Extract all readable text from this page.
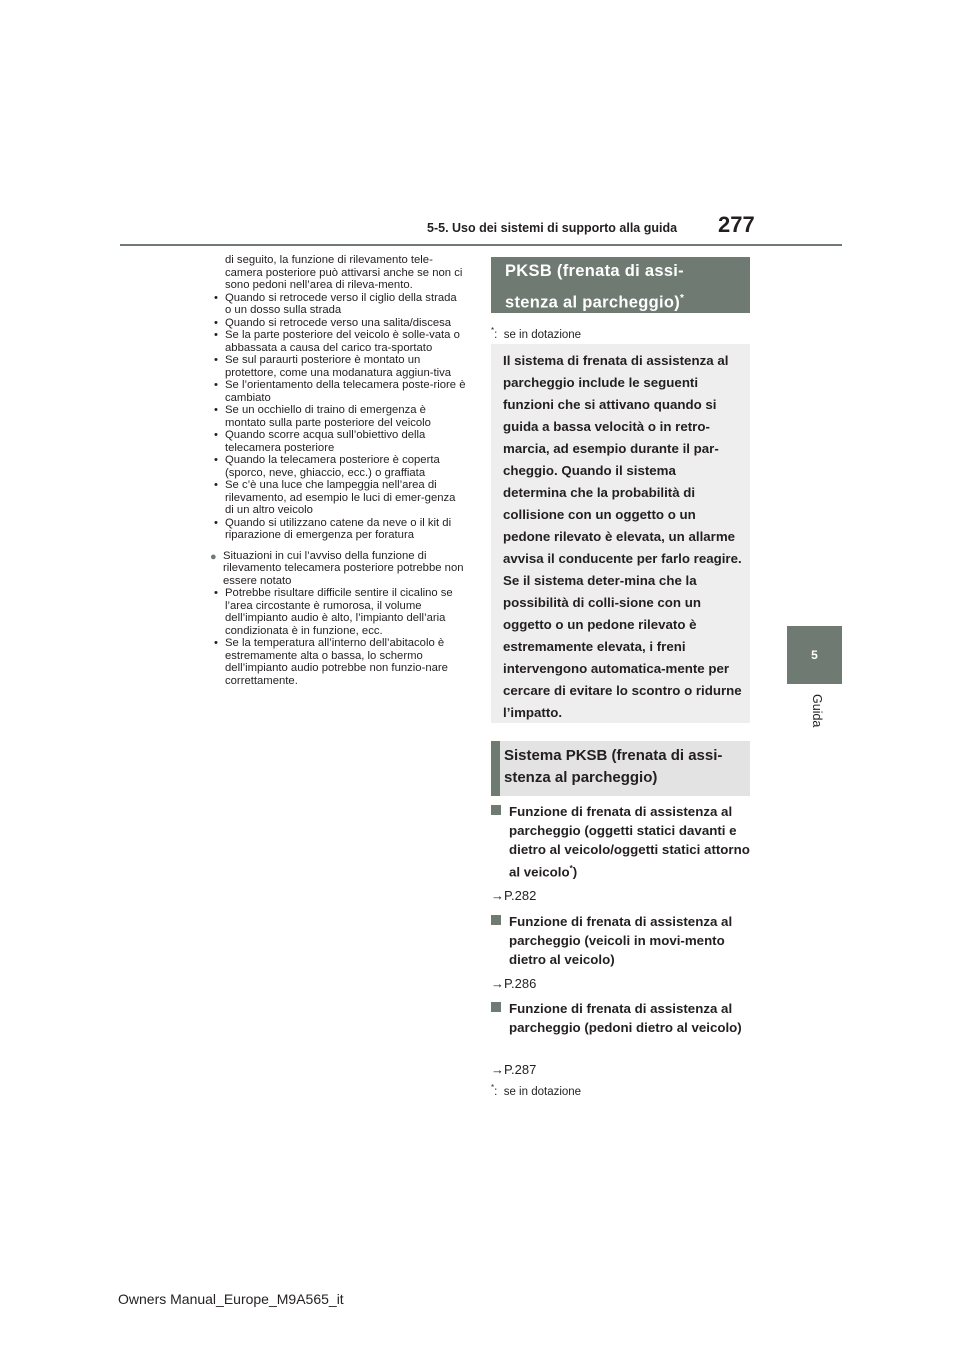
5-5. Uso dei sistemi di supporto alla guida 277
5
Guida

di seguito, la funzione di rilevamento tele-camera posteriore può attivarsi anche se non ci sono pedoni nell’area di rileva-mento.

• Quando si retrocede verso il ciglio della strada o un dosso sulla strada

• Quando si retrocede verso una salita/discesa

• Se la parte posteriore del veicolo è solle-vata o abbassata a causa del carico tra-sportato

• Se sul paraurti posteriore è montato un protettore, come una modanatura aggiun-tiva

• Se l’orientamento della telecamera poste-riore è cambiato

• Se un occhiello di traino di emergenza è montato sulla parte posteriore del veicolo

• Quando scorre acqua sull’obiettivo della telecamera posteriore

• Quando la telecamera posteriore è coperta (sporco, neve, ghiaccio, ecc.) o graffiata

• Se c’è una luce che lampeggia nell’area di rilevamento, ad esempio le luci di emer-genza di un altro veicolo

• Quando si utilizzano catene da neve o il kit di riparazione di emergenza per foratura

● Situazioni in cui l’avviso della funzione di rilevamento telecamera posteriore potrebbe non essere notato

• Potrebbe risultare difficile sentire il cicalino se l’area circostante è rumorosa, il volume dell’impianto audio è alto, l’impianto dell’aria condizionata è in funzione, ecc.

• Se la temperatura all’interno dell’abitacolo è estremamente alta o bassa, lo schermo dell’impianto audio potrebbe non funzio-nare correttamente.

PKSB (frenata di assi-
stenza al parcheggio)*
*: se in dotazione
Il sistema di frenata di assistenza al parcheggio include le seguenti funzioni che si attivano quando si guida a bassa velocità o in retro-marcia, ad esempio durante il par-cheggio. Quando il sistema determina che la probabilità di collisione con un oggetto o un pedone rilevato è elevata, un allarme avvisa il conducente per farlo reagire. Se il sistema deter-mina che la possibilità di colli-sione con un oggetto o un pedone rilevato è estremamente elevata, i freni intervengono automatica-mente per cercare di evitare lo scontro o ridurne l’impatto.
Sistema PKSB (frenata di assi-stenza al parcheggio)
Funzione di frenata di assistenza al parcheggio (oggetti statici davanti e dietro al veicolo/oggetti statici attorno al veicolo*)
→P.282
Funzione di frenata di assistenza al parcheggio (veicoli in movi-mento dietro al veicolo)
→P.286
Funzione di frenata di assistenza al parcheggio (pedoni dietro al veicolo)
→P.287
*: se in dotazione
Owners Manual_Europe_M9A565_it
